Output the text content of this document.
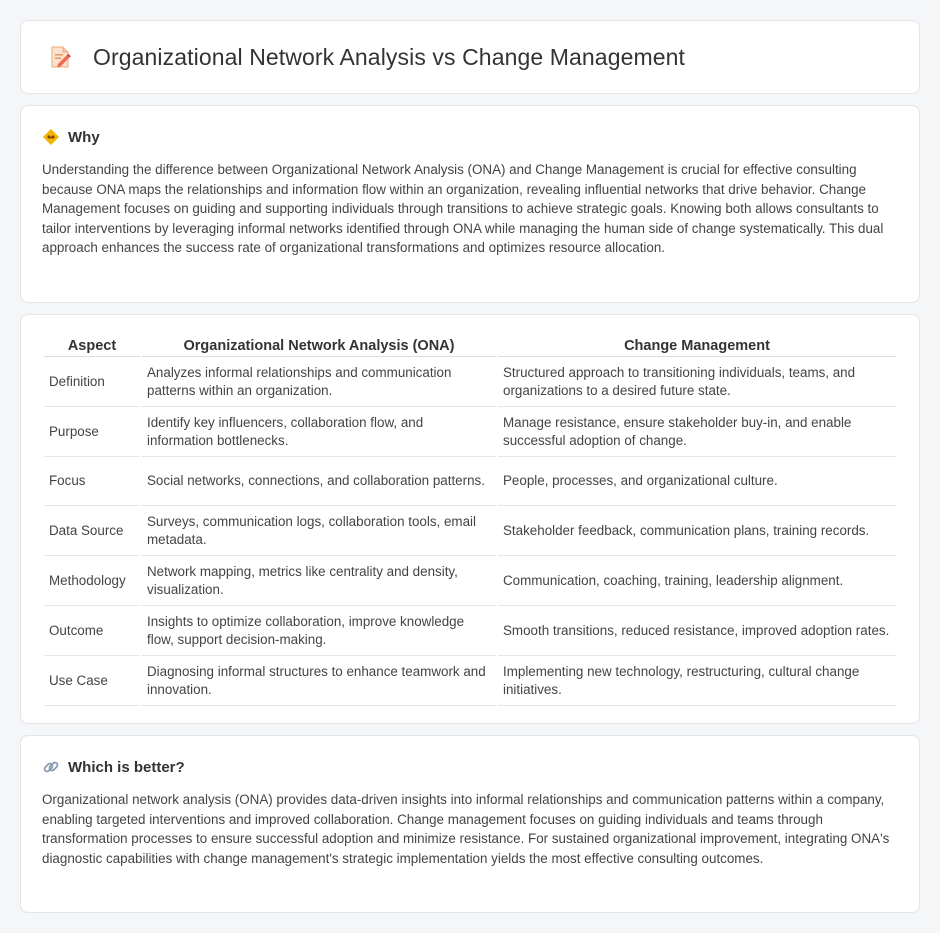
Organizational Network Analysis vs Change Management
Why

Understanding the difference between Organizational Network Analysis (ONA) and Change Management is crucial for effective consulting because ONA maps the relationships and information flow within an organization, revealing influential networks that drive behavior. Change Management focuses on guiding and supporting individuals through transitions to achieve strategic goals. Knowing both allows consultants to tailor interventions by leveraging informal networks identified through ONA while managing the human side of change systematically. This dual approach enhances the success rate of organizational transformations and optimizes resource allocation.

Aspect	Organizational Network Analysis (ONA)	Change Management
Definition	Analyzes informal relationships and communication patterns within an organization.	Structured approach to transitioning individuals, teams, and organizations to a desired future state.
Purpose	Identify key influencers, collaboration flow, and information bottlenecks.	Manage resistance, ensure stakeholder buy-in, and enable successful adoption of change.
Focus	Social networks, connections, and collaboration patterns.	People, processes, and organizational culture.
Data Source	Surveys, communication logs, collaboration tools, email metadata.	Stakeholder feedback, communication plans, training records.
Methodology	Network mapping, metrics like centrality and density, visualization.	Communication, coaching, training, leadership alignment.
Outcome	Insights to optimize collaboration, improve knowledge flow, support decision-making.	Smooth transitions, reduced resistance, improved adoption rates.
Use Case	Diagnosing informal structures to enhance teamwork and innovation.	Implementing new technology, restructuring, cultural change initiatives.
Which is better?

Organizational network analysis (ONA) provides data-driven insights into informal relationships and communication patterns within a company, enabling targeted interventions and improved collaboration. Change management focuses on guiding individuals and teams through transformation processes to ensure successful adoption and minimize resistance. For sustained organizational improvement, integrating ONA's diagnostic capabilities with change management's strategic implementation yields the most effective consulting outcomes.
